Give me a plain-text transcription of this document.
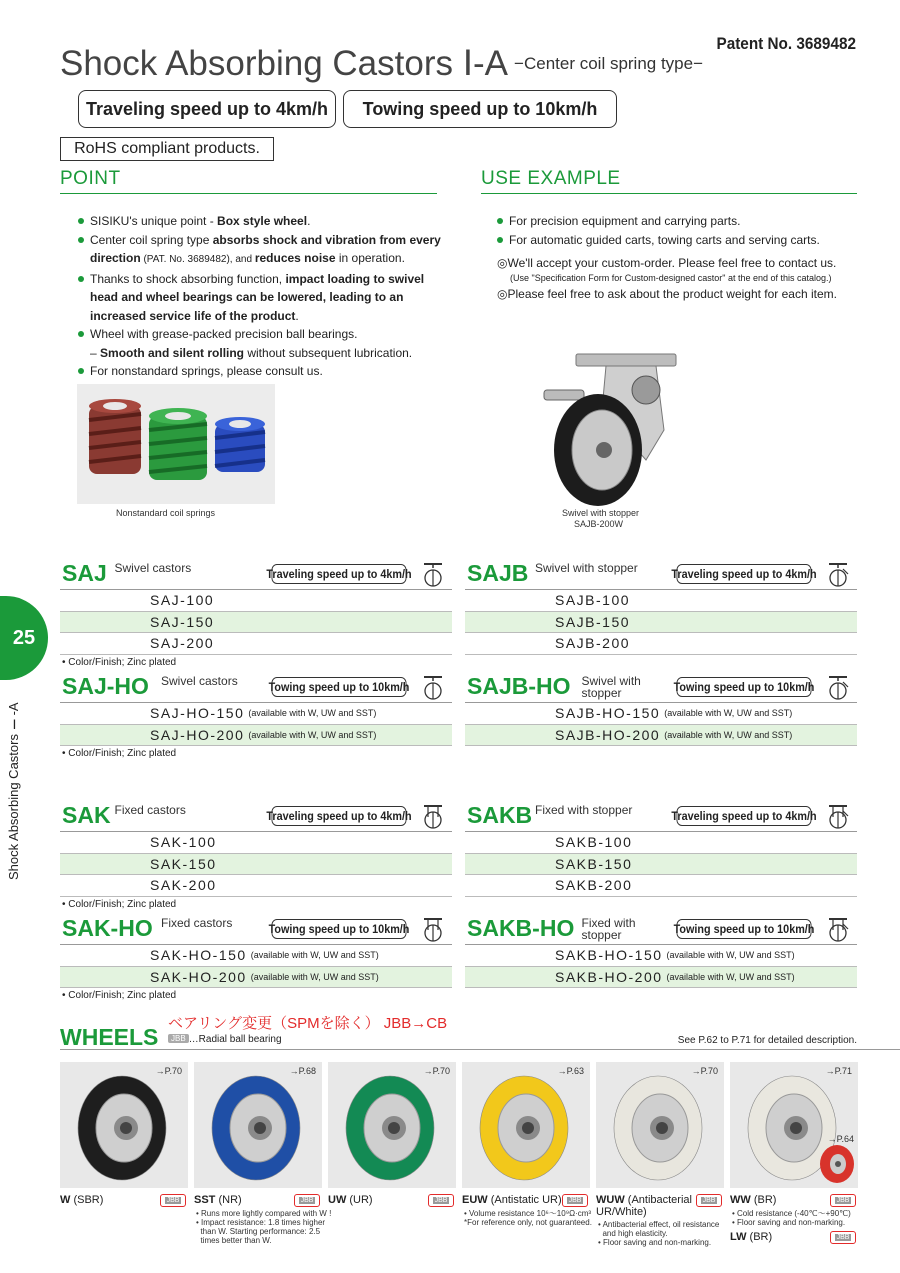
Patent No. 3689482
Shock Absorbing Castors Ⅰ-A $^{-Center coil spring type-}$
Traveling speed up to 4km/h	Towing speed up to 10km/h
RoHS compliant products.
POINT	USE EXAMPLE
SISIKU's unique point - Box style wheel.
Center coil spring type absorbs shock and vibration from every direction (PAT. No. 3689482), and reduces noise in operation.
Thanks to shock absorbing function, impact loading to swivel head and wheel bearings can be lowered, leading to an increased service life of the product.
Wheel with grease-packed precision ball bearings.
– Smooth and silent rolling without subsequent lubrication.
For nonstandard springs, please consult us.
Nonstandard coil springs
For precision equipment and carrying parts.
For automatic guided carts, towing carts and serving carts.
◎We'll accept your custom-order. Please feel free to contact us.
(Use "Specification Form for Custom-designed castor" at the end of this catalog.)
◎Please feel free to ask about the product weight for each item.
Swivel with stopper
SAJB-200W
25
Shock Absorbing Castors Ⅰ-A
SAJ Swivel castors	Traveling speed up to 4km/h
SAJ-100
SAJ-150
SAJ-200
• Color/Finish; Zinc plated
SAJB Swivel with stopper	Traveling speed up to 4km/h
SAJB-100
SAJB-150
SAJB-200
SAJ-HO Swivel castors	Towing speed up to 10km/h
SAJ-HO-150 (available with W, UW and SST)
SAJ-HO-200 (available with W, UW and SST)
• Color/Finish; Zinc plated
SAJB-HO Swivel with stopper	Towing speed up to 10km/h
SAJB-HO-150 (available with W, UW and SST)
SAJB-HO-200 (available with W, UW and SST)
SAK Fixed castors	Traveling speed up to 4km/h
SAK-100
SAK-150
SAK-200
• Color/Finish; Zinc plated
SAKB Fixed with stopper	Traveling speed up to 4km/h
SAKB-100
SAKB-150
SAKB-200
SAK-HO Fixed castors	Towing speed up to 10km/h
SAK-HO-150 (available with W, UW and SST)
SAK-HO-200 (available with W, UW and SST)
• Color/Finish; Zinc plated
SAKB-HO Fixed with stopper	Towing speed up to 10km/h
SAKB-HO-150 (available with W, UW and SST)
SAKB-HO-200 (available with W, UW and SST)
WHEELS
ベアリング変更（SPMを除く） JBB→CB
JBB …Radial ball bearing	See P.62 to P.71 for detailed description.
→P.70
W (SBR)	JBB
→P.68
SST (NR)	JBB
• Runs more lightly compared with W !
• Impact resistance: 1.8 times higher
than W. Starting performance: 2.5
times better than W.
→P.70
UW (UR)	JBB
→P.63
EUW (Antistatic UR) JBB
• Volume resistance 10⁶～10⁹Ω·cm³
*For reference only, not guaranteed.
→P.70
WUW (Antibacterial
UR/White)
JBB
• Antibacterial effect, oil resistance
and high elasticity.
• Floor saving and non-marking.
→P.71
→P.64
WW (BR)	JBB
• Cold resistance (-40℃～+90℃)
• Floor saving and non-marking.
LW (BR)	JBB
